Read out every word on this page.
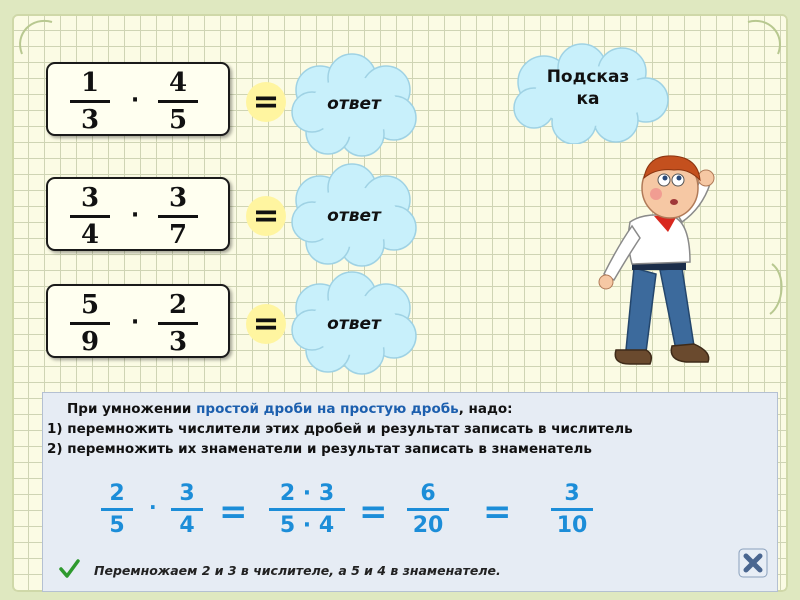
1
3
·
4
5	=	ответ
3
4
·
3
7
=	ответ
5
9
·
2
3	=	ответ
Подсказ
ка
При умножении простой дроби на простую дробь, надо:
1) перемножить числители этих дробей и результат записать в числитель
2) перемножить их знаменатели и результат записать в знаменатель
2
5
·
3
4 =	2 · 3
5 · 4 =	6
20 =	3
10
Перемножаем 2 и 3 в числителе, а 5 и 4 в знаменателе.
